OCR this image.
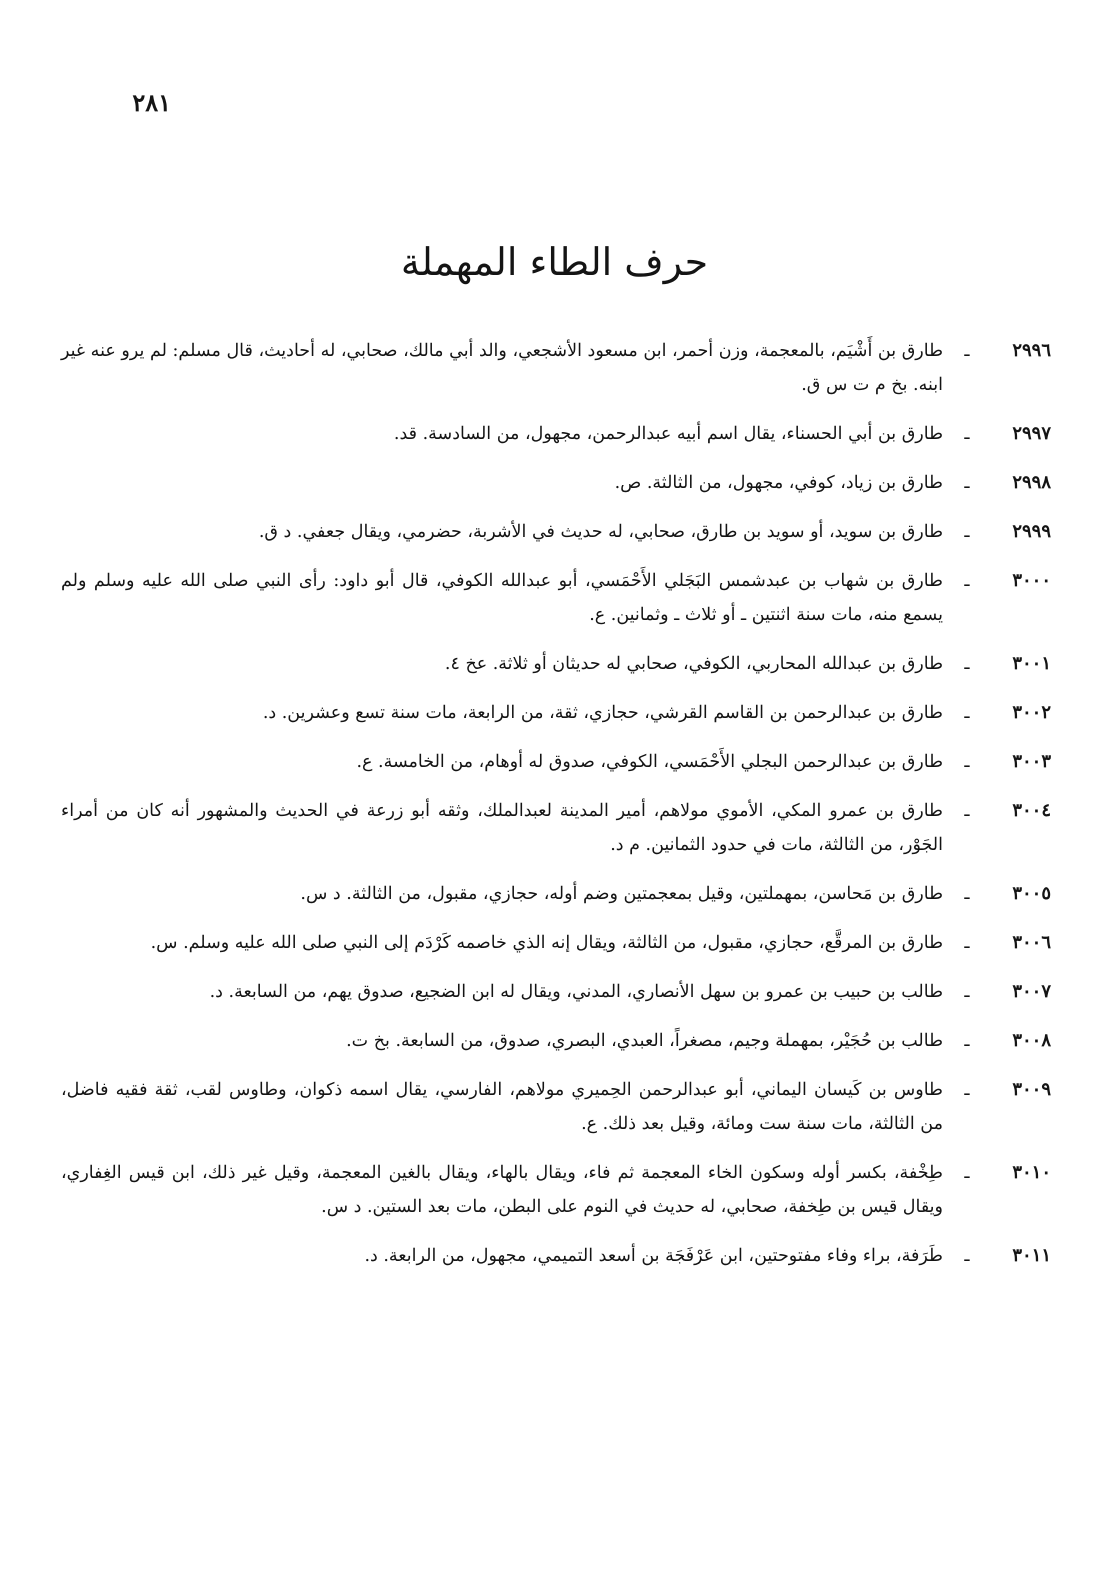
٢٨١
حرف الطاء المهملة
٢٩٩٦
ـ
طارق بن أَشْيَم، بالمعجمة، وزن أحمر، ابن مسعود الأشجعي، والد أبي مالك، صحابي، له أحاديث، قال مسلم: لم يرو عنه غير ابنه. بخ م ت س ق.
٢٩٩٧
ـ
طارق بن أبي الحسناء، يقال اسم أبيه عبدالرحمن، مجهول، من السادسة. قد.
٢٩٩٨
ـ
طارق بن زياد، كوفي، مجهول، من الثالثة. ص.
٢٩٩٩
ـ
طارق بن سويد، أو سويد بن طارق، صحابي، له حديث في الأشربة، حضرمي، ويقال جعفي. د ق.
٣٠٠٠
ـ
طارق بن شهاب بن عبدشمس البَجَلي الأَحْمَسي، أبو عبدالله الكوفي، قال أبو داود: رأى النبي صلى الله عليه وسلم ولم يسمع منه، مات سنة اثنتين ـ أو ثلاث ـ وثمانين. ع.
٣٠٠١
ـ
طارق بن عبدالله المحاربي، الكوفي، صحابي له حديثان أو ثلاثة. عخ ٤.
٣٠٠٢
ـ
طارق بن عبدالرحمن بن القاسم القرشي، حجازي، ثقة، من الرابعة، مات سنة تسع وعشرين. د.
٣٠٠٣
ـ
طارق بن عبدالرحمن البجلي الأَحْمَسي، الكوفي، صدوق له أوهام، من الخامسة. ع.
٣٠٠٤
ـ
طارق بن عمرو المكي، الأموي مولاهم، أمير المدينة لعبدالملك، وثقه أبو زرعة في الحديث والمشهور أنه كان من أمراء الجَوْر، من الثالثة، مات في حدود الثمانين. م د.
٣٠٠٥
ـ
طارق بن مَحاسن، بمهملتين، وقيل بمعجمتين وضم أوله، حجازي، مقبول، من الثالثة. د س.
٣٠٠٦
ـ
طارق بن المرقَّع، حجازي، مقبول، من الثالثة، ويقال إنه الذي خاصمه كَرْدَم إلى النبي صلى الله عليه وسلم. س.
٣٠٠٧
ـ
طالب بن حبيب بن عمرو بن سهل الأنصاري، المدني، ويقال له ابن الضجيع، صدوق يهم، من السابعة. د.
٣٠٠٨
ـ
طالب بن حُجَيْر، بمهملة وجيم، مصغراً، العبدي، البصري، صدوق، من السابعة. بخ ت.
٣٠٠٩
ـ
طاوس بن كَيسان اليماني، أبو عبدالرحمن الحِميري مولاهم، الفارسي، يقال اسمه ذكوان، وطاوس لقب، ثقة فقيه فاضل، من الثالثة، مات سنة ست ومائة، وقيل بعد ذلك. ع.
٣٠١٠
ـ
طِخْفة، بكسر أوله وسكون الخاء المعجمة ثم فاء، ويقال بالهاء، ويقال بالغين المعجمة، وقيل غير ذلك، ابن قيس الغِفاري، ويقال قيس بن طِخفة، صحابي، له حديث في النوم على البطن، مات بعد الستين. د س.
٣٠١١
ـ
طَرَفة، براء وفاء مفتوحتين، ابن عَرْفَجَة بن أسعد التميمي، مجهول، من الرابعة. د.
